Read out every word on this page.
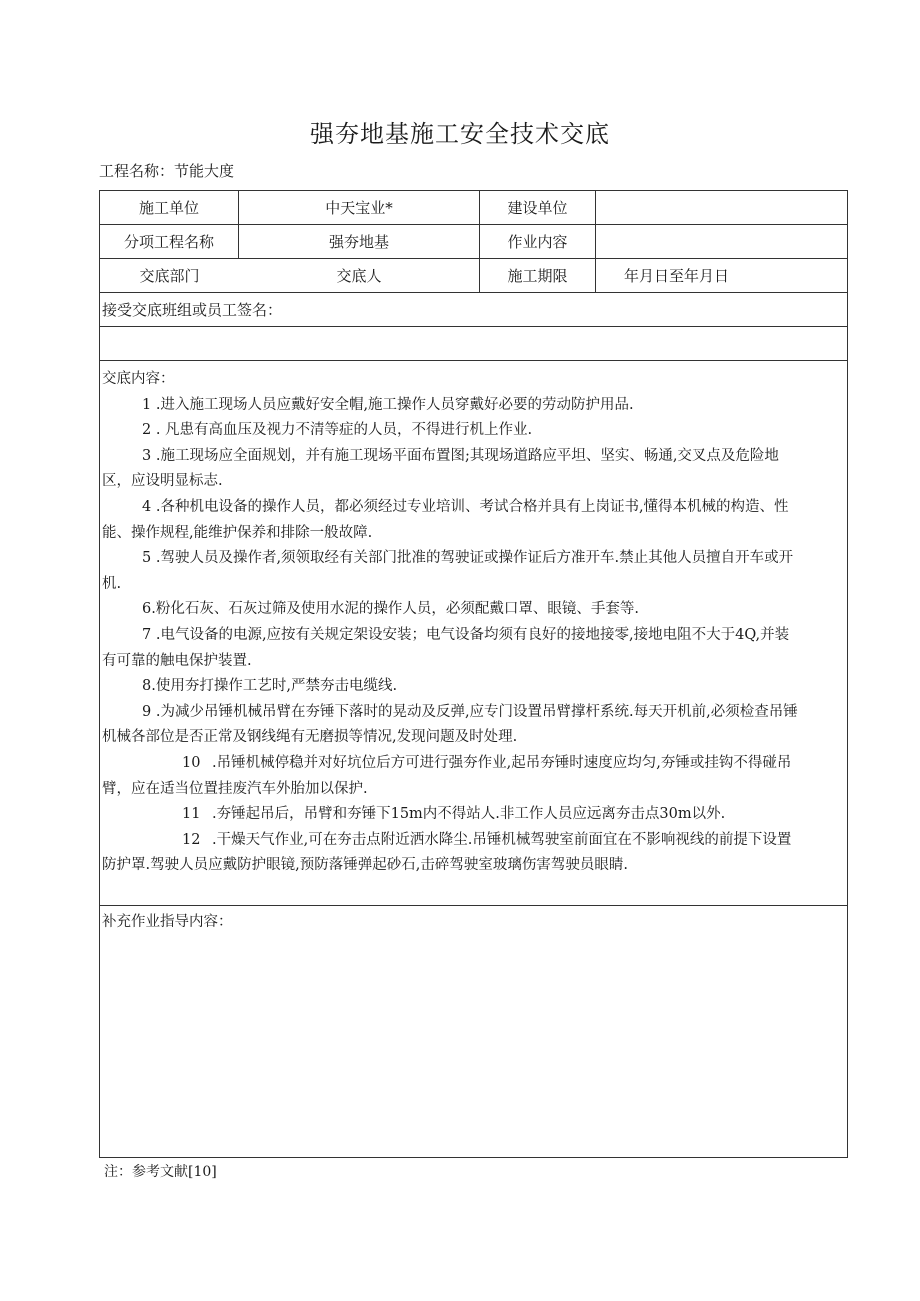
强夯地基施工安全技术交底
工程名称：节能大度
施工单位	中天宝业*	建设单位
分项工程名称	强夯地基	作业内容
交底部门	交底人	施工期限	年月日至年月日
接受交底班组或员工签名：

交底内容：

1 .进入施工现场人员应戴好安全帽,施工操作人员穿戴好必要的劳动防护用品.

2 . 凡患有高血压及视力不清等症的人员，不得进行机上作业.

3 .施工现场应全面规划，并有施工现场平面布置图;其现场道路应平坦、坚实、畅通,交叉点及危险地

区，应设明显标志.

4 .各种机电设备的操作人员，都必须经过专业培训、考试合格并具有上岗证书,懂得本机械的构造、性

能、操作规程,能维护保养和排除一般故障.

5 .驾驶人员及操作者,须领取经有关部门批准的驾驶证或操作证后方准开车.禁止其他人员擅自开车或开

机.

6.粉化石灰、石灰过筛及使用水泥的操作人员，必须配戴口罩、眼镜、手套等.

7 .电气设备的电源,应按有关规定架设安装；电气设备均须有良好的接地接零,接地电阻不大于4Q,并装

有可靠的触电保护装置.

8.使用夯打操作工艺时,严禁夯击电缆线.

9 .为减少吊锤机械吊臂在夯锤下落时的晃动及反弹,应专门设置吊臂撑杆系统.每天开机前,必须检查吊锤

机械各部位是否正常及钢线绳有无磨损等情况,发现问题及时处理.

10 .吊锤机械停稳并对好坑位后方可进行强夯作业,起吊夯锤时速度应均匀,夯锤或挂钩不得碰吊

臂，应在适当位置挂废汽车外胎加以保护.

11 .夯锤起吊后，吊臂和夯锤下15m内不得站人.非工作人员应远离夯击点30m以外.

12 .干燥天气作业,可在夯击点附近洒水降尘.吊锤机械驾驶室前面宜在不影响视线的前提下设置

防护罩.驾驶人员应戴防护眼镜,预防落锤弹起砂石,击碎驾驶室玻璃伤害驾驶员眼睛.

补充作业指导内容：
注：参考文献[10]
